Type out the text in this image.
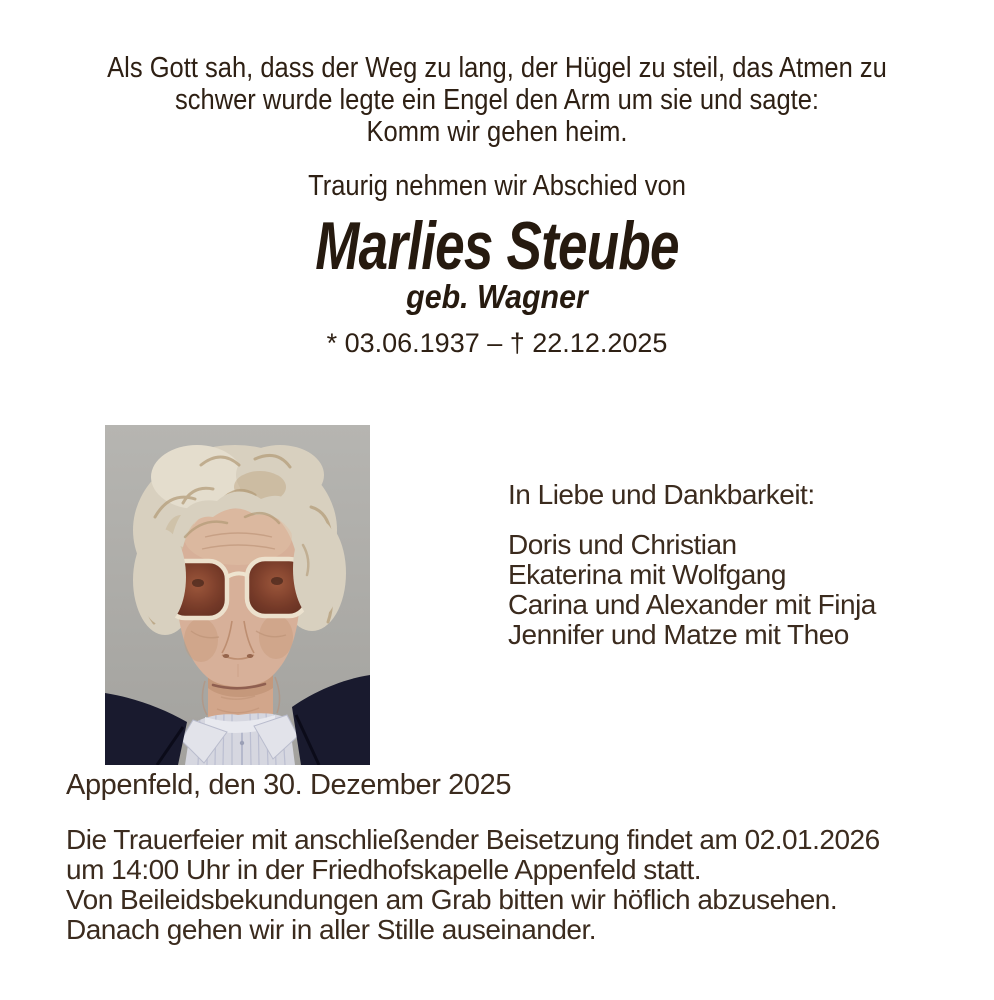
Als Gott sah, dass der Weg zu lang, der Hügel zu steil, das Atmen zu
schwer wurde legte ein Engel den Arm um sie und sagte:
Komm wir gehen heim.
Traurig nehmen wir Abschied von
Marlies Steube
geb. Wagner
* 03.06.1937 – † 22.12.2025

In Liebe und Dankbarkeit:

Doris und Christian

Ekaterina mit Wolfgang

Carina und Alexander mit Finja

Jennifer und Matze mit Theo

Appenfeld, den 30. Dezember 2025
Die Trauerfeier mit anschließender Beisetzung findet am 02.01.2026
um 14:00 Uhr in der Friedhofskapelle Appenfeld statt.
Von Beileidsbekundungen am Grab bitten wir höflich abzusehen.
Danach gehen wir in aller Stille auseinander.
